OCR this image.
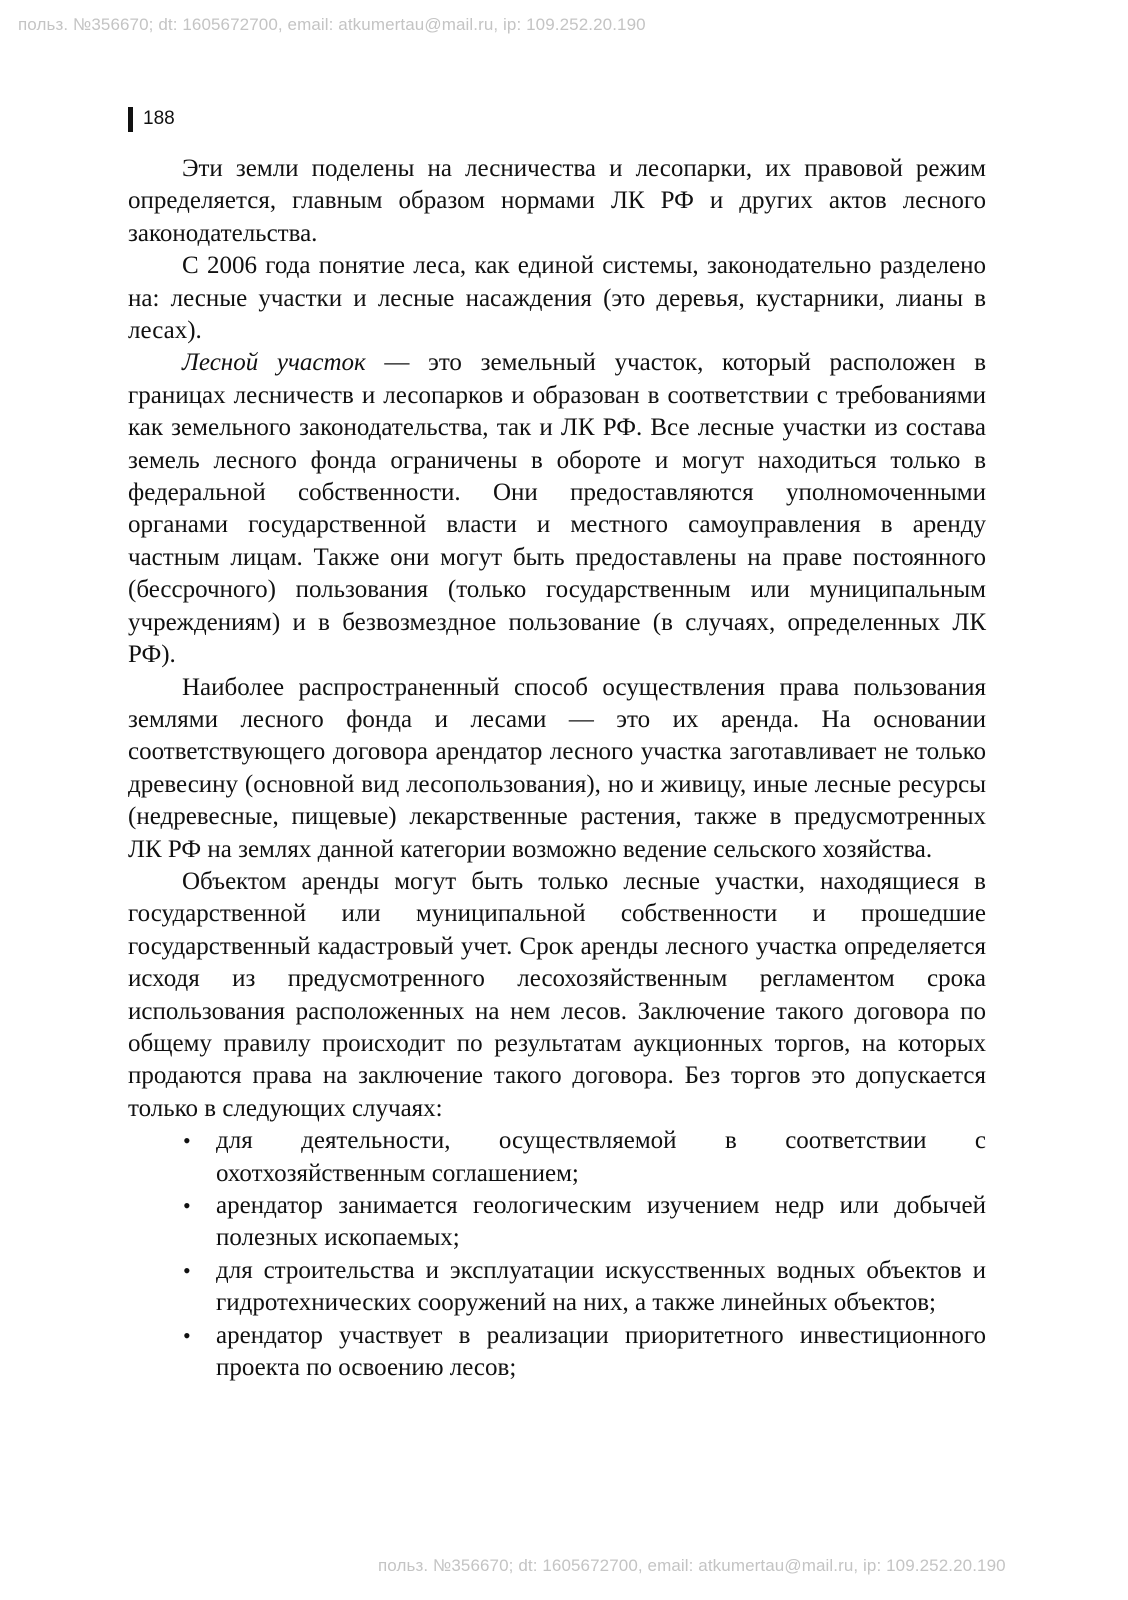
польз. №356670; dt: 1605672700, email: atkumertau@mail.ru, ip: 109.252.20.190
188

Эти земли поделены на лесничества и лесопарки, их правовой режим определяется, главным образом нормами ЛК РФ и других актов лесного законодательства.

С 2006 года понятие леса, как единой системы, законодательно разделено на: лесные участки и лесные насаждения (это деревья, кустарники, лианы в лесах).

Лесной участок — это земельный участок, который расположен в границах лесничеств и лесопарков и образован в соответствии с требованиями как земельного законодательства, так и ЛК РФ. Все лесные участки из состава земель лесного фонда ограничены в обороте и могут находиться только в федеральной собственности. Они предоставляются уполномоченными органами государственной власти и местного самоуправления в аренду частным лицам. Также они могут быть предоставлены на праве постоянного (бессрочного) пользования (только государственным или муниципальным учреждениям) и в безвозмездное пользование (в случаях, определенных ЛК РФ).

Наиболее распространенный способ осуществления права пользования землями лесного фонда и лесами — это их аренда. На основании соответствующего договора арендатор лесного участка заготавливает не только древесину (основной вид лесопользования), но и живицу, иные лесные ресурсы (недревесные, пищевые) лекарственные растения, также в предусмотренных ЛК РФ на землях данной категории возможно ведение сельского хозяйства.

Объектом аренды могут быть только лесные участки, находящиеся в государственной или муниципальной собственности и прошедшие государственный кадастровый учет. Срок аренды лесного участка определяется исходя из предусмотренного лесохозяйственным регламентом срока использования расположенных на нем лесов. Заключение такого договора по общему правилу происходит по результатам аукционных торгов, на которых продаются права на заключение такого договора. Без торгов это допускается только в следующих случаях:

• для деятельности, осуществляемой в соответствии с охотхозяйственным соглашением;
• арендатор занимается геологическим изучением недр или добычей полезных ископаемых;
• для строительства и эксплуатации искусственных водных объектов и гидротехнических сооружений на них, а также линейных объектов;
• арендатор участвует в реализации приоритетного инвестиционного проекта по освоению лесов;
польз. №356670; dt: 1605672700, email: atkumertau@mail.ru, ip: 109.252.20.190
